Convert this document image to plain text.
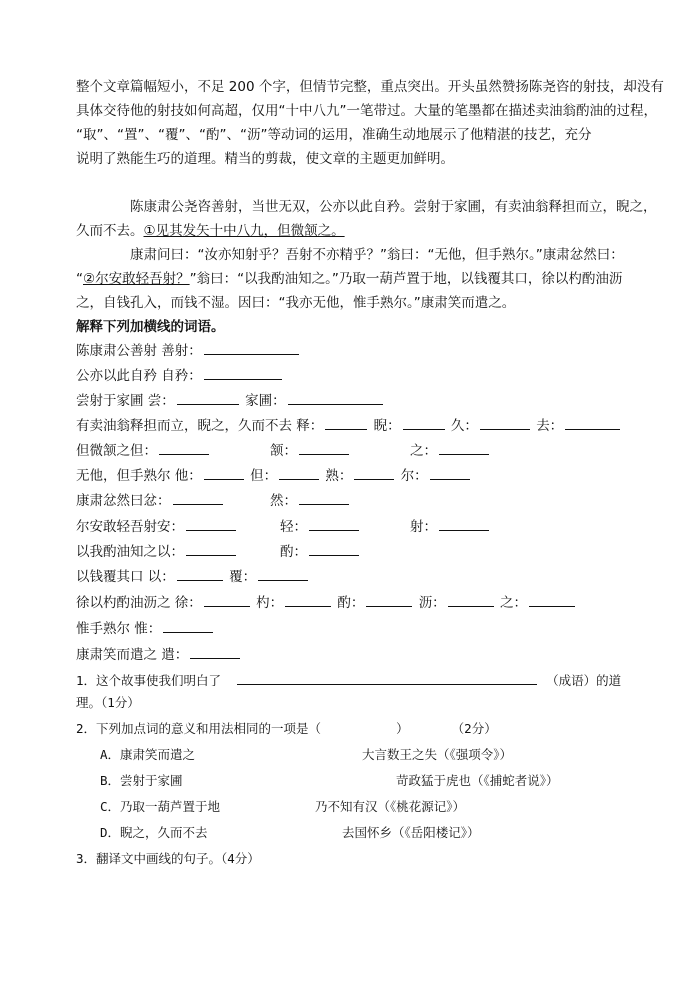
整个文章篇幅短小，不足 200 个字，但情节完整，重点突出。开头虽然赞扬陈尧咨的射技，却没有
具体交待他的射技如何高超，仅用“十中八九”一笔带过。大量的笔墨都在描述卖油翁酌油的过程，
“取”、“置”、“覆”、“酌”、“沥”等动词的运用，准确生动地展示了他精湛的技艺，充分
说明了熟能生巧的道理。精当的剪裁，使文章的主题更加鲜明。
陈康肃公尧咨善射，当世无双，公亦以此自矜。尝射于家圃，有卖油翁释担而立，睨之，
久而不去。①见其发矢十中八九，但微颔之。
康肃问曰：“汝亦知射乎？吾射不亦精乎？”翁曰：“无他，但手熟尔。”康肃忿然曰：
“②尔安敢轻吾射？”翁曰：“以我酌油知之。”乃取一葫芦置于地，以钱覆其口，徐以杓酌油沥
之，自钱孔入，而钱不湿。因曰：“我亦无他，惟手熟尔。”康肃笑而遣之。
解释下列加横线的词语。
陈康肃公善射 善射：
公亦以此自矜 自矜：
尝射于家圃 尝：	家圃：
有卖油翁释担而立，睨之，久而不去 释：	睨：	久：	去：
但微颔之但：	颔：	之：
无他，但手熟尔 他：	但：	熟：	尔：
康肃忿然曰忿：	然：
尔安敢轻吾射安：	轻：	射：
以我酌油知之以：	酌：
以钱覆其口 以：	覆：
徐以杓酌油沥之 徐：	杓：	酌：	沥：	之：
惟手熟尔 惟：
康肃笑而遣之 遣：
1．这个故事使我们明白了	（成语）的道
理。（1分）
2．下列加点词的意义和用法相同的一项是（	）	（2分）
A．康肃笑而遣之	大言数王之失（《强项令》）
B．尝射于家圃	苛政猛于虎也（《捕蛇者说》）
C．乃取一葫芦置于地	乃不知有汉（《桃花源记》）
D．睨之，久而不去	去国怀乡（《岳阳楼记》）
3．翻译文中画线的句子。（4分）
